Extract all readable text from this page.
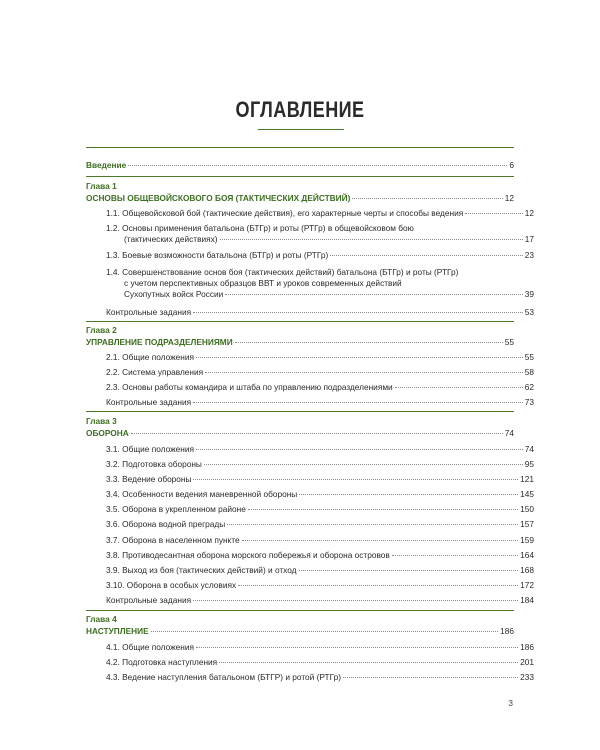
ОГЛАВЛЕНИЕ
Введение	6
Глава 1
ОСНОВЫ ОБЩЕВОЙСКОВОГО БОЯ (ТАКТИЧЕСКИХ ДЕЙСТВИЙ)	12
1.1. Общевойсковой бой (тактические действия), его характерные черты и способы ведения	12
1.2. Основы применения батальона (БТГр) и роты (РТГр) в общевойсковом бою
(тактических действиях)	17
1.3. Боевые возможности батальона (БТГр) и роты (РТГр)	23
1.4. Совершенствование основ боя (тактических действий) батальона (БТГр) и роты (РТГр)
с учетом перспективных образцов ВВТ и уроков современных действий
Сухопутных войск России	39
Контрольные задания	53
Глава 2
УПРАВЛЕНИЕ ПОДРАЗДЕЛЕНИЯМИ	55
2.1. Общие положения	55
2.2. Система управления	58
2.3. Основы работы командира и штаба по управлению подразделениями	62
Контрольные задания	73
Глава 3
ОБОРОНА	74
3.1. Общие положения	74
3.2. Подготовка обороны	95
3.3. Ведение обороны	121
3.4. Особенности ведения маневренной обороны	145
3.5. Оборона в укрепленном районе	150
3.6. Оборона водной преграды	157
3.7. Оборона в населенном пункте	159
3.8. Противодесантная оборона морского побережья и оборона островов	164
3.9. Выход из боя (тактических действий) и отход	168
3.10. Оборона в особых условиях	172
Контрольные задания	184
Глава 4
НАСТУПЛЕНИЕ	186
4.1. Общие положения	186
4.2. Подготовка наступления	201
4.3. Ведение наступления батальоном (БТГР) и ротой (РТГр)	233
3
